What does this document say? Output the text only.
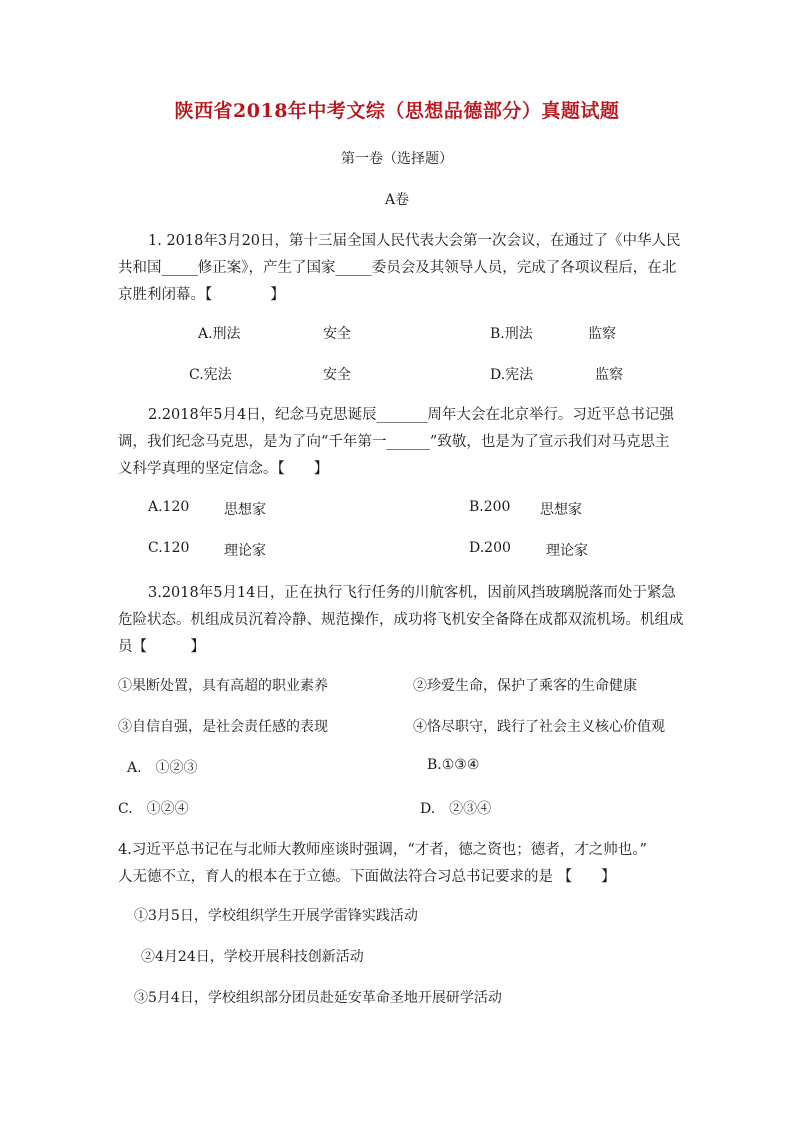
陕西省2018年中考文综（思想品德部分）真题试题
第一卷（选择题）
A卷
1. 2018年3月20日，第十三届全国人民代表大会第一次会议，在通过了《中华人民
共和国_____修正案》，产生了国家_____委员会及其领导人员，完成了各项议程后，在北
京胜利闭幕。【　　　　】
A.刑法	安全	B.刑法	监察
C.宪法	安全	D.宪法	监察
2.2018年5月4日，纪念马克思诞辰_______周年大会在北京举行。习近平总书记强
调，我们纪念马克思，是为了向“千年第一______”致敬，也是为了宣示我们对马克思主
义科学真理的坚定信念。【　　】
A.120 思想家	B.200 思想家
C.120 理论家	D.200	理论家
3.2018年5月14日，正在执行飞行任务的川航客机，因前风挡玻璃脱落而处于紧急
危险状态。机组成员沉着冷静、规范操作，成功将飞机安全备降在成都双流机场。机组成
员【　　　】
①果断处置，具有高超的职业素养	②珍爱生命，保护了乘客的生命健康
③自信自强，是社会责任感的表现	④恪尽职守，践行了社会主义核心价值观
A.　①②③	B.①③④
C.　①②④	D.　②③④
4.习近平总书记在与北师大教师座谈时强调，“才者，德之资也；德者，才之帅也。”
人无德不立，育人的根本在于立德。下面做法符合习总书记要求的是 【　　】
①3月5日，学校组织学生开展学雷锋实践活动
②4月24日，学校开展科技创新活动
③5月4日，学校组织部分团员赴延安革命圣地开展研学活动
